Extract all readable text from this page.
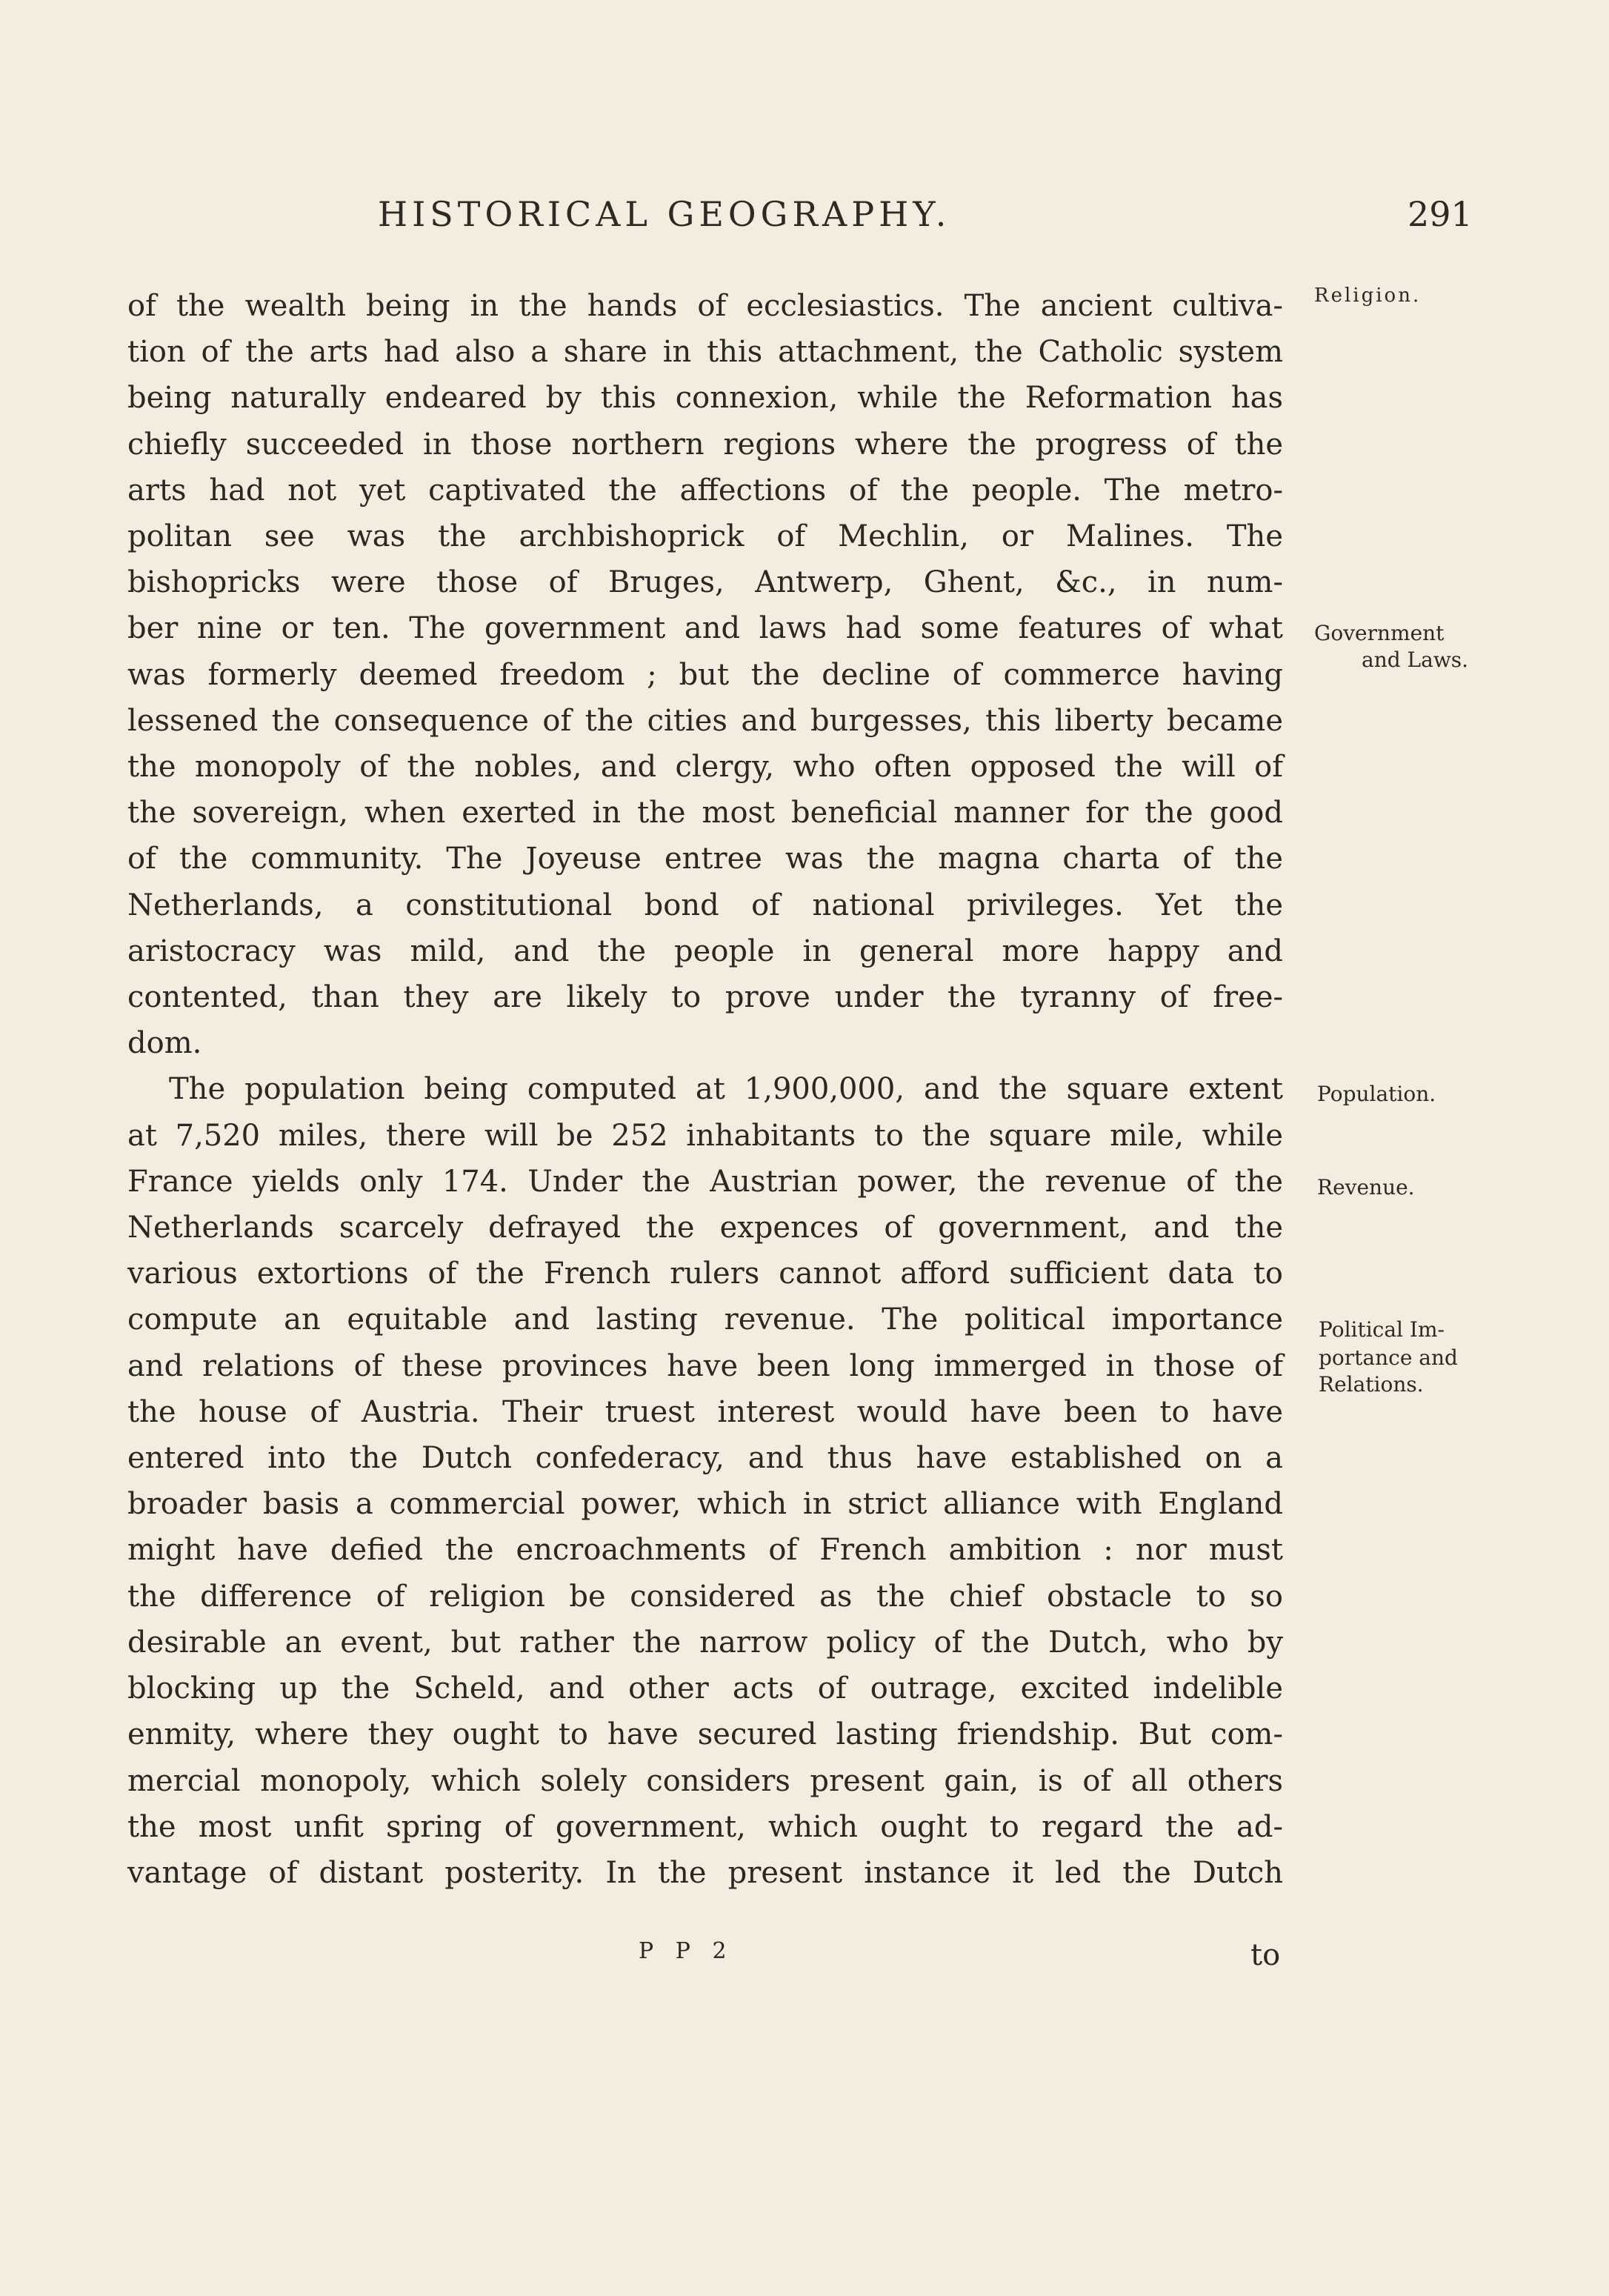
HISTORICAL GEOGRAPHY.	291
of the wealth being in the hands of ecclesiastics. The ancient cultiva-
tion of the arts had also a share in this attachment, the Catholic system
being naturally endeared by this connexion, while the Reformation has
chiefly succeeded in those northern regions where the progress of the
arts had not yet captivated the affections of the people. The metro-
politan see was the archbishoprick of Mechlin, or Malines. The
bishopricks were those of Bruges, Antwerp, Ghent, &c., in num-
ber nine or ten. The government and laws had some features of what
was formerly deemed freedom ; but the decline of commerce having
lessened the consequence of the cities and burgesses, this liberty became
the monopoly of the nobles, and clergy, who often opposed the will of
the sovereign, when exerted in the most beneficial manner for the good
of the community. The Joyeuse entree was the magna charta of the
Netherlands, a constitutional bond of national privileges. Yet the
aristocracy was mild, and the people in general more happy and
contented, than they are likely to prove under the tyranny of free-
dom.
The population being computed at 1,900,000, and the square extent
at 7,520 miles, there will be 252 inhabitants to the square mile, while
France yields only 174. Under the Austrian power, the revenue of the
Netherlands scarcely defrayed the expences of government, and the
various extortions of the French rulers cannot afford sufficient data to
compute an equitable and lasting revenue. The political importance
and relations of these provinces have been long immerged in those of
the house of Austria. Their truest interest would have been to have
entered into the Dutch confederacy, and thus have established on a
broader basis a commercial power, which in strict alliance with England
might have defied the encroachments of French ambition : nor must
the difference of religion be considered as the chief obstacle to so
desirable an event, but rather the narrow policy of the Dutch, who by
blocking up the Scheld, and other acts of outrage, excited indelible
enmity, where they ought to have secured lasting friendship. But com-
mercial monopoly, which solely considers present gain, is of all others
the most unfit spring of government, which ought to regard the ad-
vantage of distant posterity. In the present instance it led the Dutch
Religion.
Government
and Laws.
Population.
Revenue.
Political Im-
portance and
Relations.
P P 2	to
